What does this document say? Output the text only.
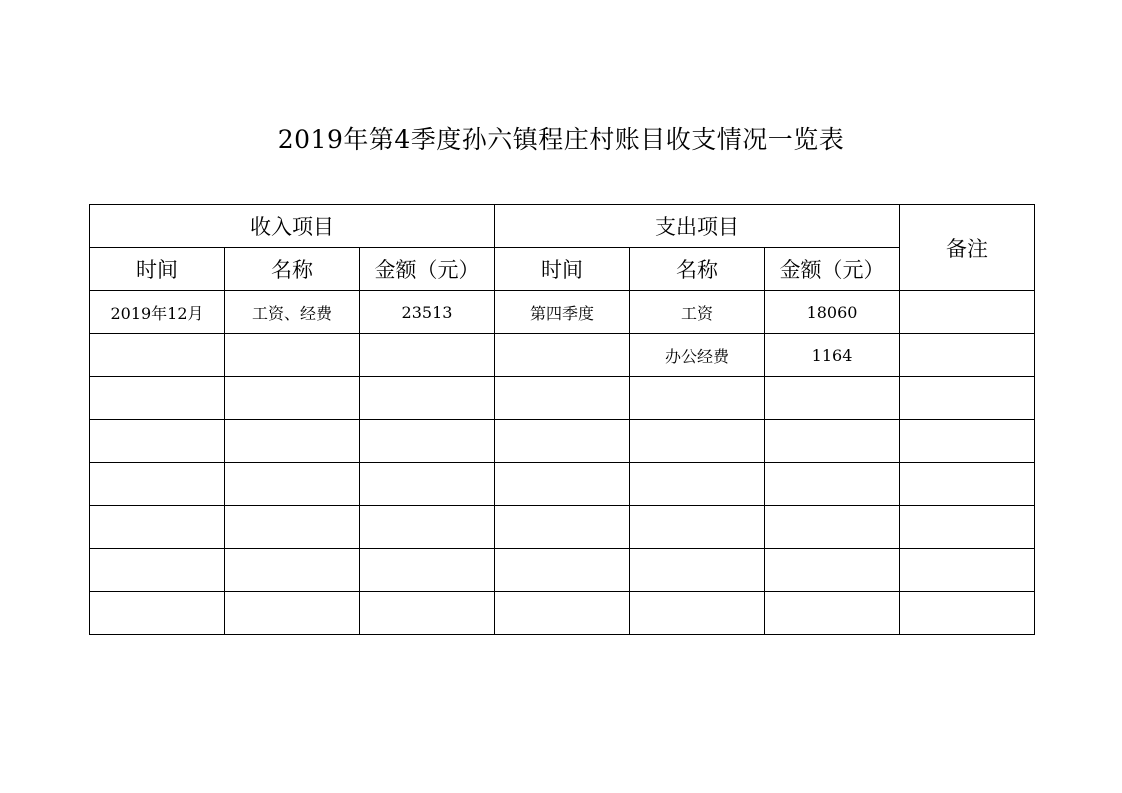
2019年第4季度孙六镇程庄村账目收支情况一览表
收入项目			支出项目			备注
时间	名称	金额（元）	时间	名称	金额（元）	
2019年12月	工资、经费	23513	第四季度	工资	18060	
				办公经费	1164	
